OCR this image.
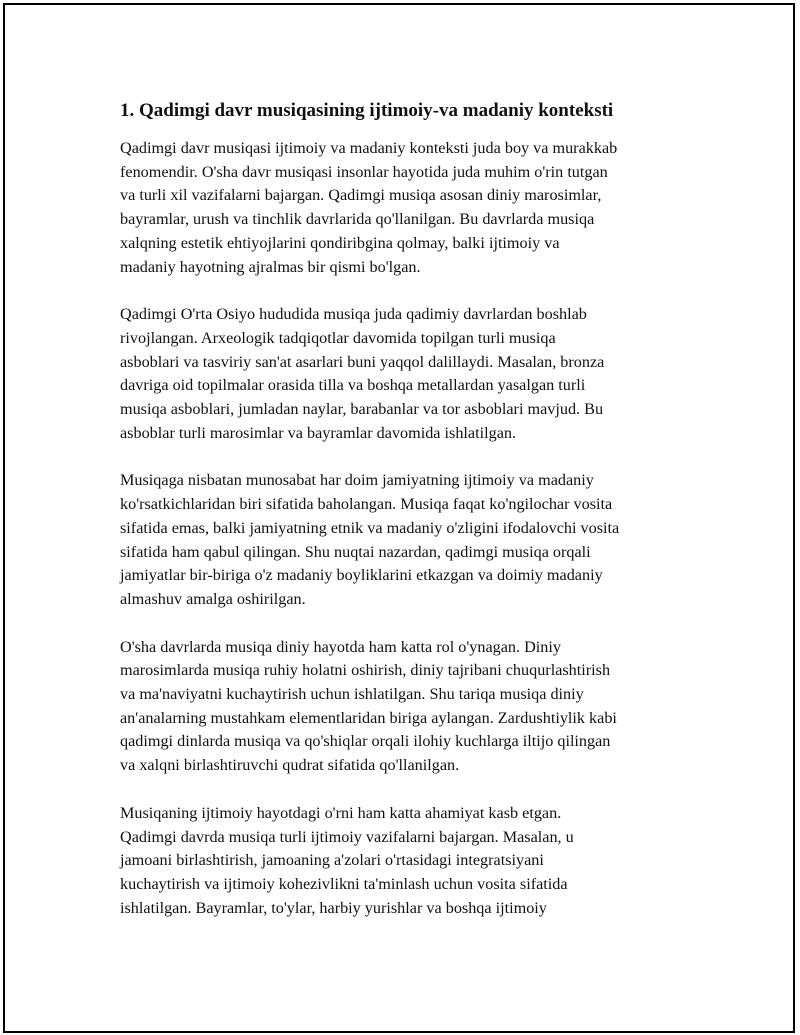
1. Qadimgi davr musiqasining ijtimoiy-va madaniy konteksti

Qadimgi davr musiqasi ijtimoiy va madaniy konteksti juda boy va murakkab
fenomendir. O'sha davr musiqasi insonlar hayotida juda muhim o'rin tutgan
va turli xil vazifalarni bajargan. Qadimgi musiqa asosan diniy marosimlar,
bayramlar, urush va tinchlik davrlarida qo'llanilgan. Bu davrlarda musiqa
xalqning estetik ehtiyojlarini qondiribgina qolmay, balki ijtimoiy va
madaniy hayotning ajralmas bir qismi bo'lgan.

Qadimgi O'rta Osiyo hududida musiqa juda qadimiy davrlardan boshlab
rivojlangan. Arxeologik tadqiqotlar davomida topilgan turli musiqa
asboblari va tasviriy san'at asarlari buni yaqqol dalillaydi. Masalan, bronza
davriga oid topilmalar orasida tilla va boshqa metallardan yasalgan turli
musiqa asboblari, jumladan naylar, barabanlar va tor asboblari mavjud. Bu
asboblar turli marosimlar va bayramlar davomida ishlatilgan.

Musiqaga nisbatan munosabat har doim jamiyatning ijtimoiy va madaniy
ko'rsatkichlaridan biri sifatida baholangan. Musiqa faqat ko'ngilochar vosita
sifatida emas, balki jamiyatning etnik va madaniy o'zligini ifodalovchi vosita
sifatida ham qabul qilingan. Shu nuqtai nazardan, qadimgi musiqa orqali
jamiyatlar bir-biriga o'z madaniy boyliklarini etkazgan va doimiy madaniy
almashuv amalga oshirilgan.

O'sha davrlarda musiqa diniy hayotda ham katta rol o'ynagan. Diniy
marosimlarda musiqa ruhiy holatni oshirish, diniy tajribani chuqurlashtirish
va ma'naviyatni kuchaytirish uchun ishlatilgan. Shu tariqa musiqa diniy
an'analarning mustahkam elementlaridan biriga aylangan. Zardushtiylik kabi
qadimgi dinlarda musiqa va qo'shiqlar orqali ilohiy kuchlarga iltijo qilingan
va xalqni birlashtiruvchi qudrat sifatida qo'llanilgan.

Musiqaning ijtimoiy hayotdagi o'rni ham katta ahamiyat kasb etgan.
Qadimgi davrda musiqa turli ijtimoiy vazifalarni bajargan. Masalan, u
jamoani birlashtirish, jamoaning a'zolari o'rtasidagi integratsiyani
kuchaytirish va ijtimoiy kohezivlikni ta'minlash uchun vosita sifatida
ishlatilgan. Bayramlar, to'ylar, harbiy yurishlar va boshqa ijtimoiy
